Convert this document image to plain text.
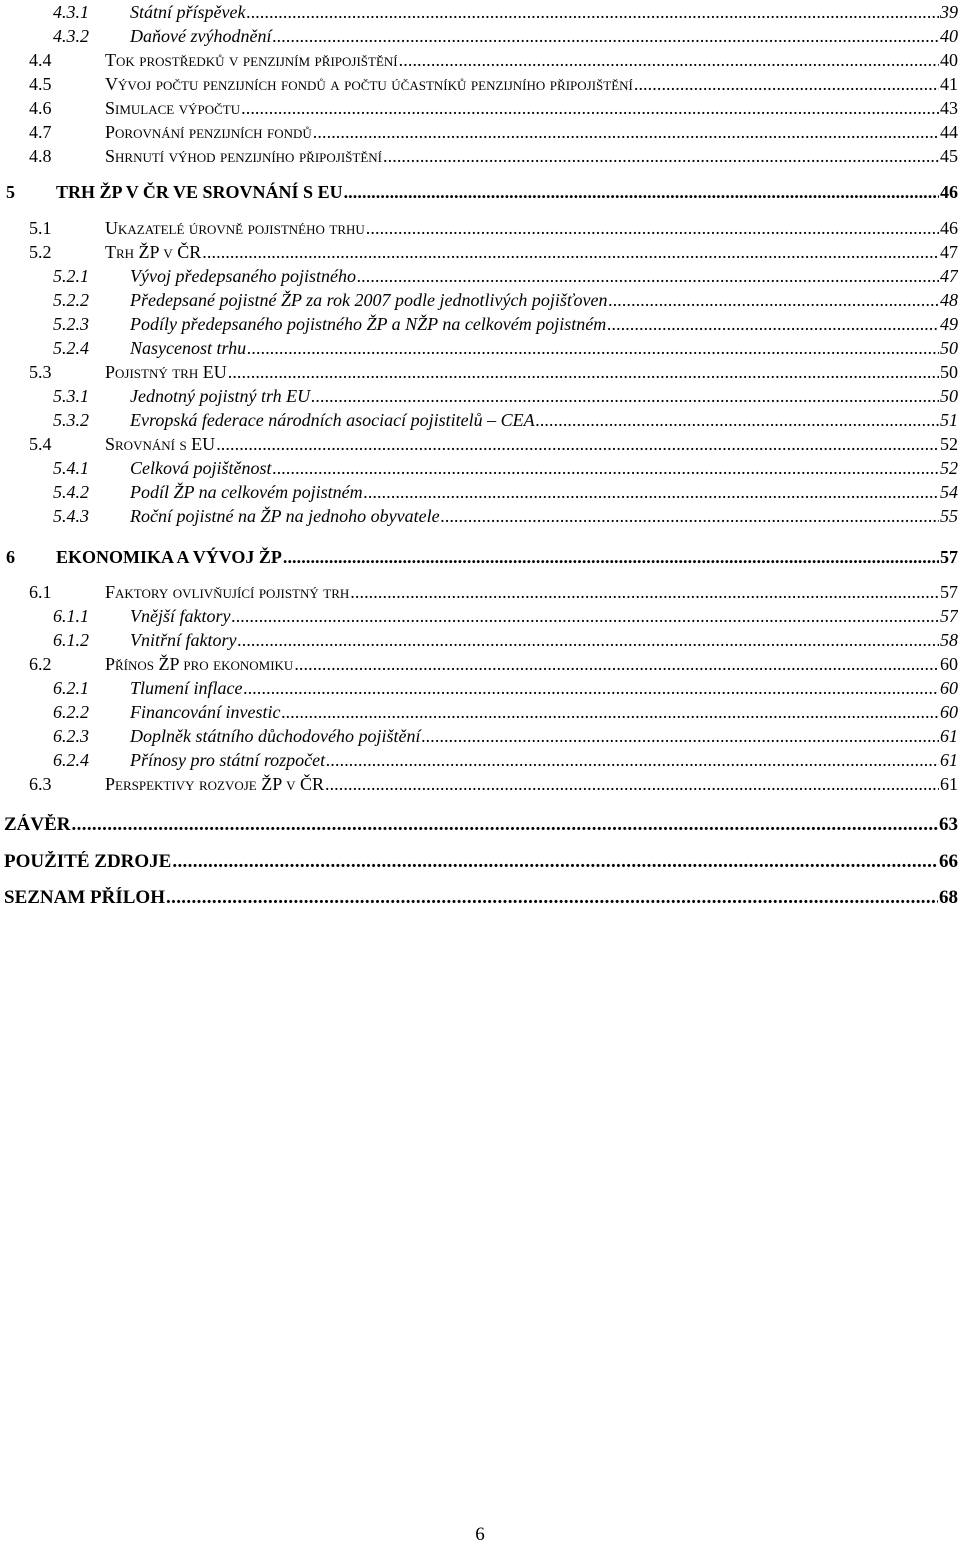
4.3.1 Státní příspěvek . . .	39
4.3.2 Daňové zvýhodnění . . .	40
4.4	Tok prostředků v penzijním připojištění . . .	40
4.5	Vývoj počtu penzijních fondů a počtu účastníků penzijního připojištění . . .	41
4.6	Simulace výpočtu . . .	43
4.7	Porovnání penzijních fondů . . .	44
4.8	Shrnutí výhod penzijního připojištění . . .	45
5 TRH ŽP V ČR VE SROVNÁNÍ S EU . . .	46
5.1	Ukazatelé úrovně pojistného trhu . . .	46
5.2	Trh ŽP v ČR . . .	47
5.2.1 Vývoj předepsaného pojistného . . .	47
5.2.2 Předepsané pojistné ŽP za rok 2007 podle jednotlivých pojišťoven . . .	48
5.2.3 Podíly předepsaného pojistného ŽP a NŽP na celkovém pojistném . . .	49
5.2.4 Nasycenost trhu . . .	50
5.3	Pojistný trh EU . . .	50
5.3.1 Jednotný pojistný trh EU . . .	50
5.3.2 Evropská federace národních asociací pojistitelů – CEA . . .	51
5.4	Srovnání s EU . . .	52
5.4.1 Celková pojištěnost . . .	52
5.4.2 Podíl ŽP na celkovém pojistném . . .	54
5.4.3 Roční pojistné na ŽP na jednoho obyvatele . . .	55
6 EKONOMIKA A VÝVOJ ŽP . . .	57
6.1	Faktory ovlivňující pojistný trh . . .	57
6.1.1 Vnější faktory . . .	57
6.1.2 Vnitřní faktory . . .	58
6.2	Přínos ŽP pro ekonomiku . . .	60
6.2.1 Tlumení inflace . . .	60
6.2.2 Financování investic . . .	60
6.2.3 Doplněk státního důchodového pojištění . . .	61
6.2.4 Přínosy pro státní rozpočet . . .	61
6.3	Perspektivy rozvoje ŽP v ČR . . .	61
ZÁVĚR . . .	63
POUŽITÉ ZDROJE . . .	66
SEZNAM PŘÍLOH . . .	68
6
